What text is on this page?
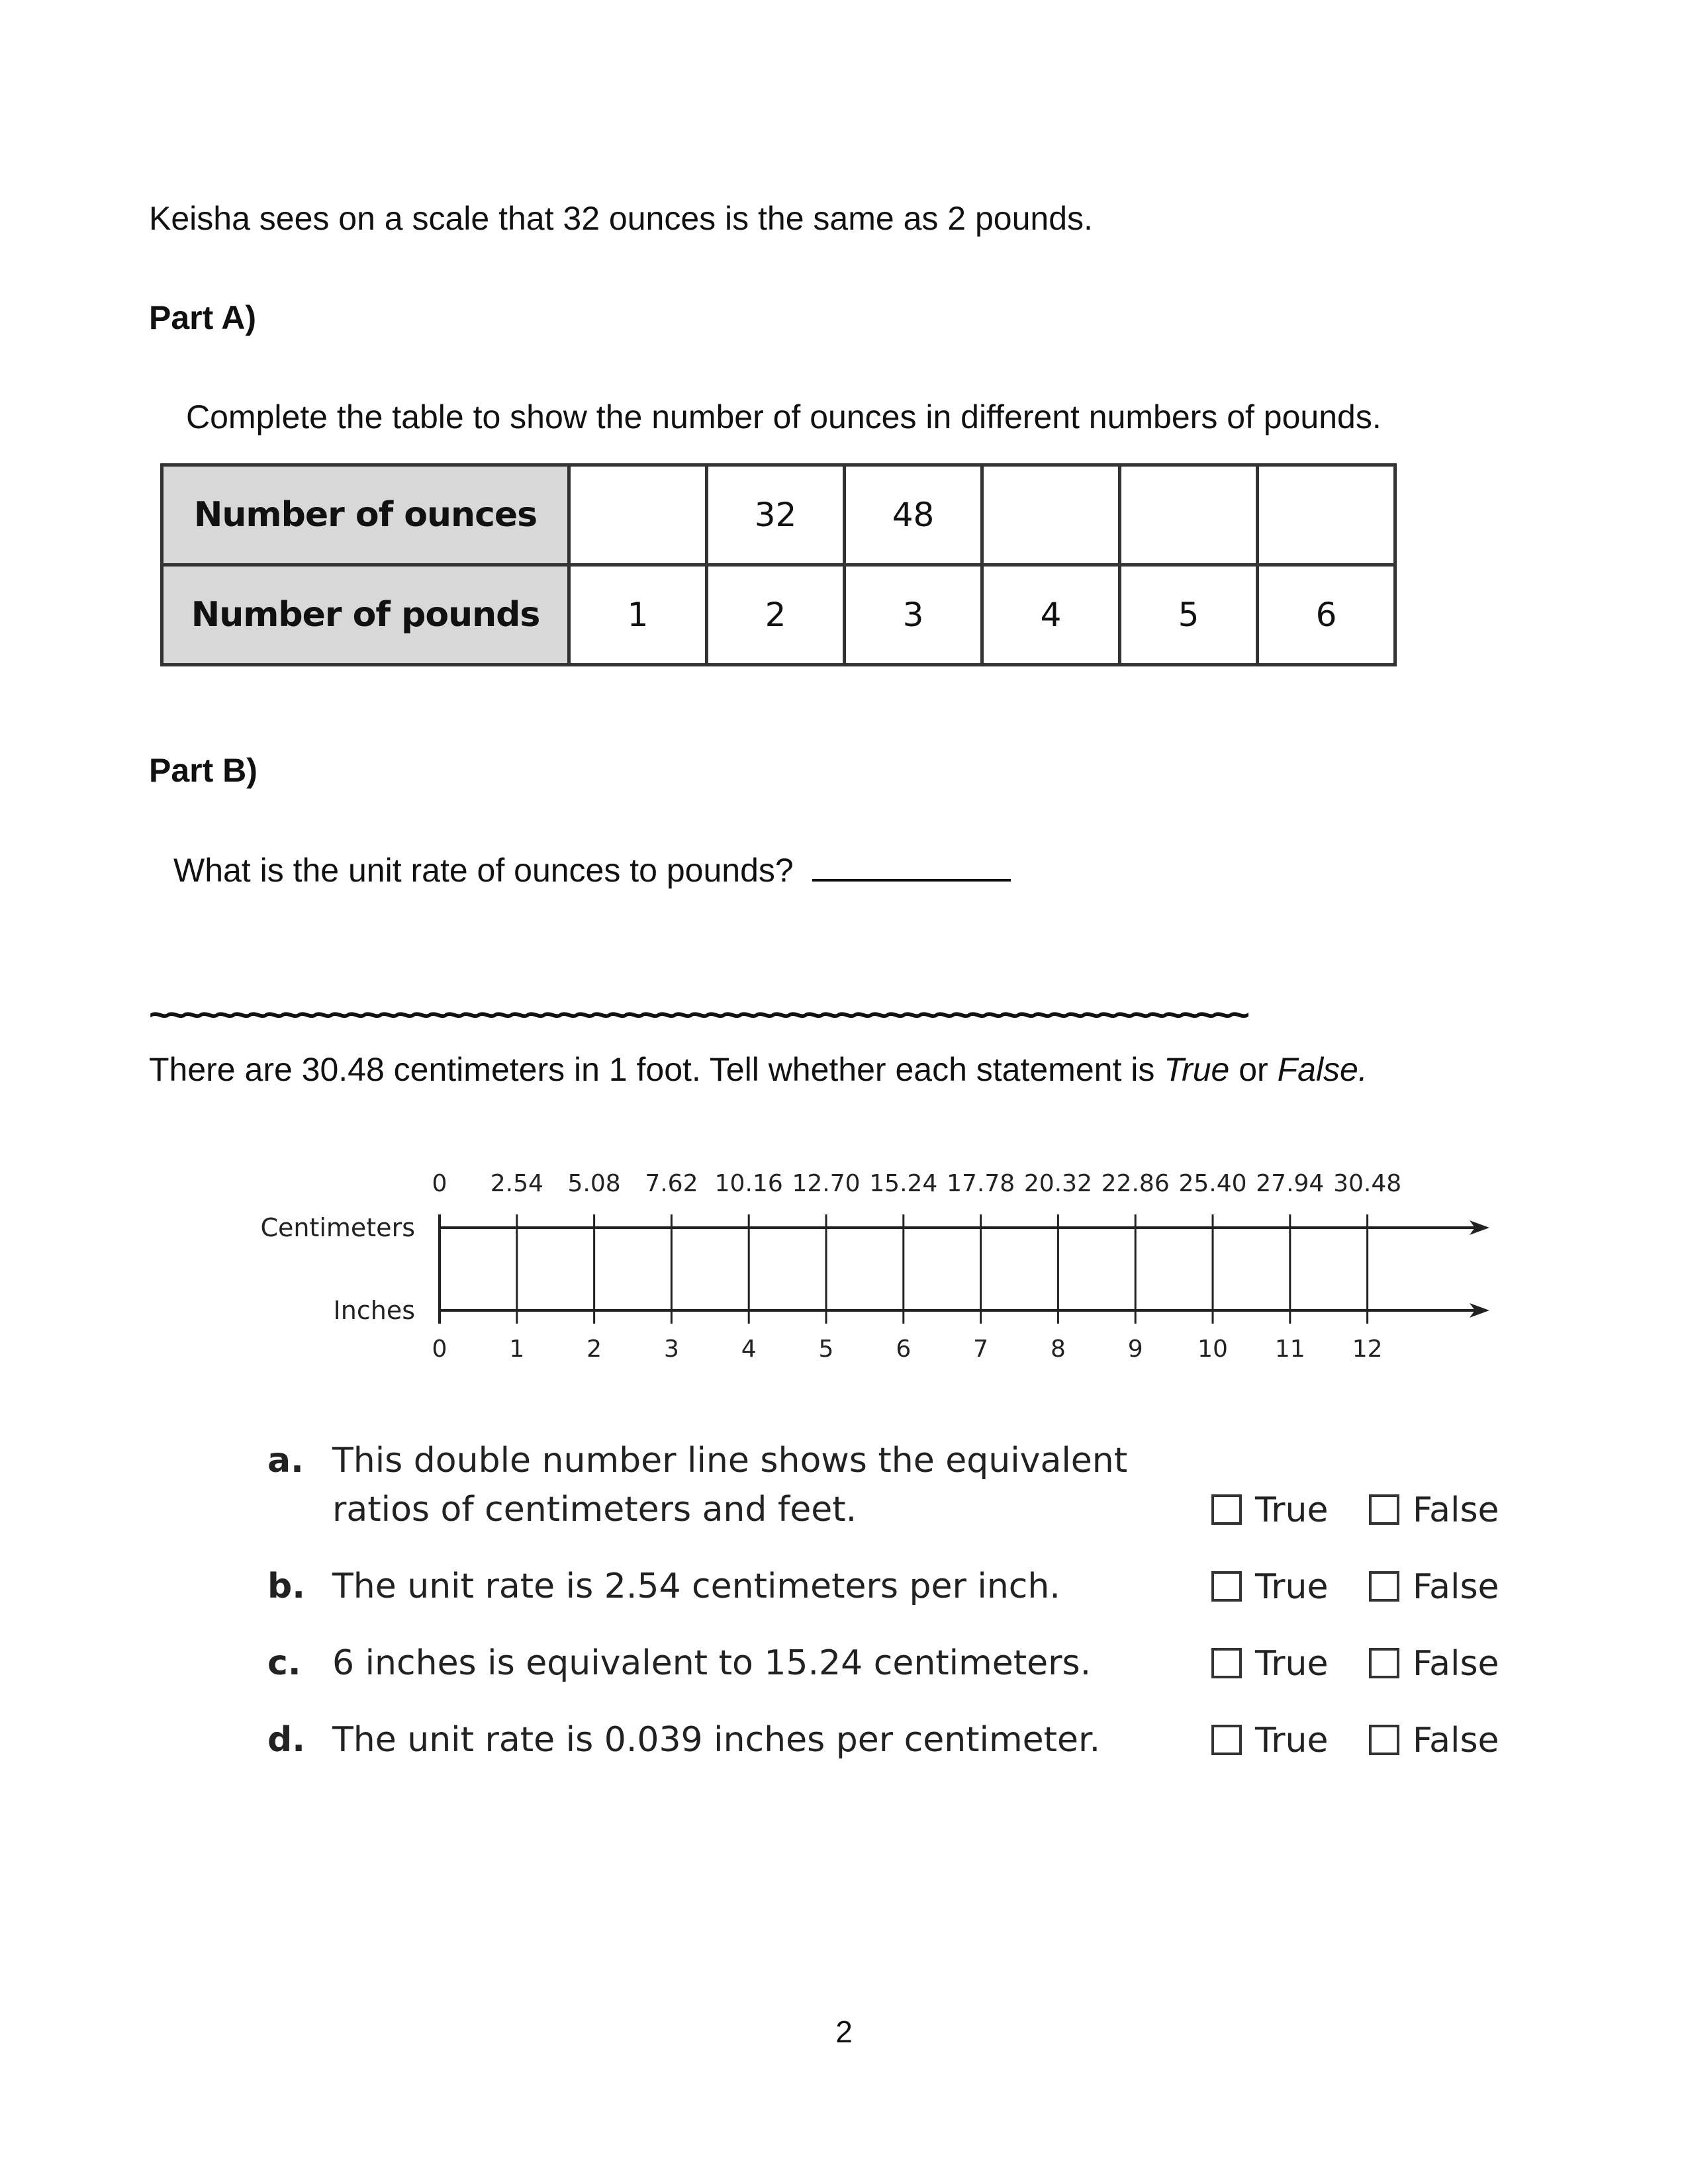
Keisha sees on a scale that 32 ounces is the same as 2 pounds.
Part A)
Complete the table to show the number of ounces in different numbers of pounds.
Number of ounces		32	48			
Number of pounds	1	2	3	4	5	6
Part B)
What is the unit rate of ounces to pounds?
~~~~~~~~~~~~~~~~~~~~~~~~~~~~~~~~~~~~~~~~~~~~~~~~~~~~~~~~~~~~~~~~~~~
There are 30.48 centimeters in 1 foot. Tell whether each statement is True or False.
Centimeters
Inches
0 2.54 5.08 7.62 10.16 12.70 15.24 17.78 20.32 22.86 25.40 27.94 30.48
0	1	2	3	4	5	6	7	8	9 10 11 12
a. This double number line shows the equivalent
ratios of centimeters and feet.
b. The unit rate is 2.54 centimeters per inch.
c. 6 inches is equivalent to 15.24 centimeters.
d. The unit rate is 0.039 inches per centimeter.
True False
True False
True False
True False
2
